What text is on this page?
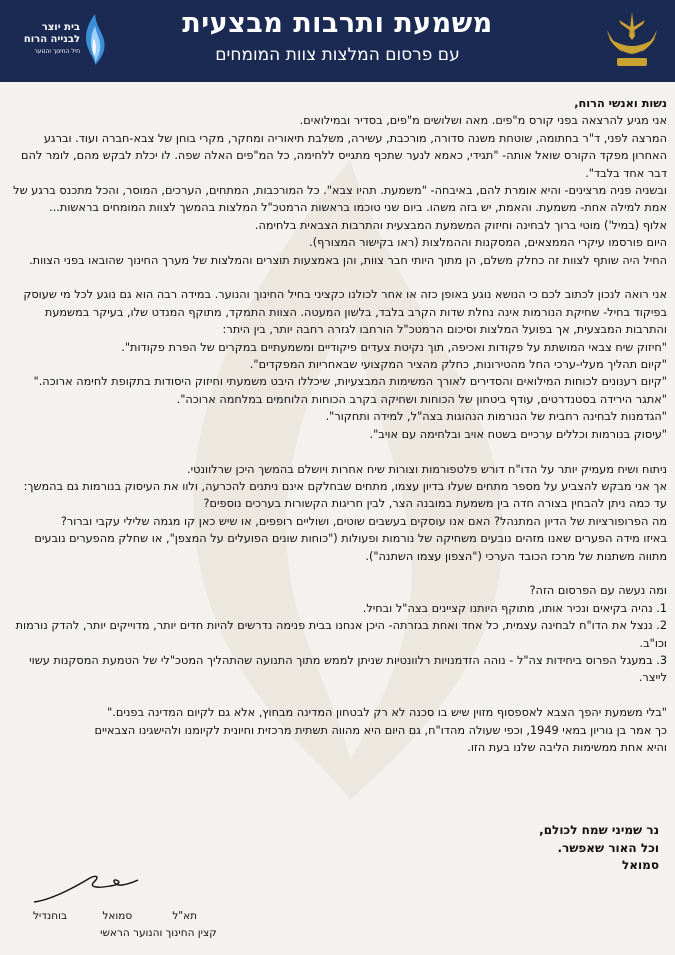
בית יוצר
לבנייה הרוח
חיל החינוך והנוער
משמעת ותרבות מבצעית
עם פרסום המלצות צוות המומחים

נשות ואנשי הרוח,

אני מגיע להרצאה בפני קורס מ"פים. מאה ושלושים מ"פים, בסדיר ובמילואים.

המרצה לפני, ד"ר בחתומה, שוטחת משנה סדורה, מורכבת, עשירה, משלבת תיאוריה ומחקר, מקרי בוחן של צבא-חברה ועוד. וברגע האחרון מפקד הקורס שואל אותה- "תגידי, כאמא לנער שתכף מתגייס ללחימה, כל המ"פים האלה שפה. לו יכלת לבקש מהם, לומר להם דבר אחד בלבד".

ובשניה פניה מרצינים- והיא אומרת להם, באיבחה- "משמעת. תהיו צבא". כל המורכבות, המתחים, הערכים, המוסר, והכל מתכנס ברגע של אמת למילה אחת- משמעת. והאמת, יש בזה משהו. ביום שני טוכמו בראשות הרמטכ"ל המלצות בהמשך לצוות המומחים בראשות...

אלוף (במיל') מוטי ברוך לבחינה וחיזוק המשמעת המבצעית והתרבות הצבאית בלחימה.

היום פורסמו עיקרי הממצאים, המסקנות וההמלצות (ראו בקישור המצורף).

החיל היה שותף לצוות זה כחלק משלם, הן מתוך היותי חבר צוות, והן באמצעות תוצרים והמלצות של מערך החינוך שהובאו בפני הצוות.

אני רואה לנכון לכתוב לכם כי הנושא נוגע באופן כזה או אחר לכולנו כקציני בחיל החינוך והנוער. במידה רבה הוא גם נוגע לכל מי שעוסק בפיקוד בחיל- שחיקת הנורמות אינה נחלת שדות הקרב בלבד, בלשון המעטה. הצוות התמקד, מתוקף המנדט שלו, בעיקר במשמעת והתרבות המבצעית, אך בפועל המלצות וסיכום הרמטכ"ל הורחבו לגזרה רחבה יותר, בין היתר:

"חיזוק שיח צבאי המושתת על פקודות ואכיפה, תוך נקיטת צעדים פיקודיים ומשמעתיים במקרים של הפרת פקודות".

"קיום תהליך מעלי-ערכי החל מהטירונות, כחלק מהציר המקצועי שבאחריות המפקדים".

"קיום רענונים לכוחות המילואים והסדירים לאורך המשימות המבצעיות, שיכללו היבט משמעתי וחיזוק היסודות בתקופת לחימה ארוכה."

"אתגר הירידה בסטנדרטים, עודף ביטחון של הכוחות ושחיקה בקרב הכוחות הלוחמים במלחמה ארוכה".

"הגדמנות לבחינה רחבית של הנורמות הנהוגות בצה"ל, למידה ותחקור".

"עיסוק בנורמות וכללים ערכיים בשטח אויב ובלחימה עם אויב".

ניתוח ושיח מעמיק יותר על הדו"ח דורש פלטפורמות וצורות שיח אחרות ויושלם בהמשך היכן שרלוונטי.

אך אני מבקש להצביע על מספר מתחים שעלו בדיון עצמו, מתחים שבחלקם אינם ניתנים להכרעה, ולוו את העיסוק בנורמות גם בהמשך:

עד כמה ניתן להבחין בצורה חדה בין משמעת במובנה הצר, לבין חריגות הקשורות בערכים נוספים?

מה הפרופורציות של הדיון המתנהל? האם אנו עוסקים בעשבים שוטים, ושוליים רופפים, או שיש כאן קו מגמה שלילי עקבי וברור?

באיזו מידה הפערים שאנו מזהים נובעים משחיקה של נורמות ופעולות ("כוחות שונים הפועלים על המצפן", או שחלק מהפערים נובעים מתווה משתנות של מרכז הכובד הערכי ("הצפון עצמו השתנה").

ומה נעשה עם הפרסום הזה?

1. נהיה בקיאים ונכיר אותו, מתוקף היותנו קציינים בצה"ל ובחיל.

2. ננצל את הדו"ח לבחינה עצמית, כל אחד ואחת בגזרתה- היכן אנחנו בבית פנימה נדרשים להיות חדים יותר, מדוייקים יותר, להדק נורמות וכו"ב.

3. במעגל הפרוס ביחידות צה"ל - נוהה הזדמנויות רלוונטיות שניתן לממש מתוך התנועה שהתהליך המטכ"לי של הטמעת המסקנות עשוי לייצר.

"בלי משמעת יהפך הצבא לאספסוף מזוין שיש בו סכנה לא רק לבטחון המדינה מבחוץ, אלא גם לקיום המדינה בפנים."

כך אמר בן גוריון במאי 1949, וכפי שעולה מהדו"ח, גם היום היא מהווה תשתית מרכזית וחיונית לקיומנו ולהישגינו הצבאיים

והיא אחת ממשימות הליבה שלנו בעת הזו.

נר שמיני שמח לכולם,
וכל האור שאפשר.
סמואל
תא"ל סמואל בוחנדיל
קצין החינוך והנוער הראשי
